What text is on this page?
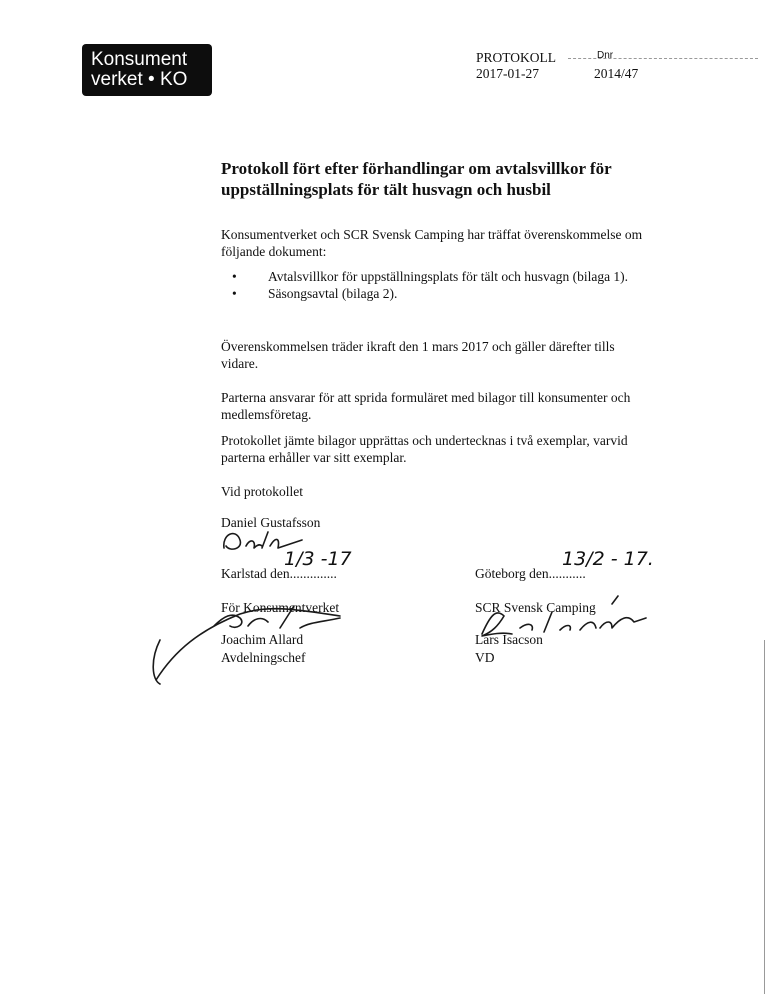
Konsument
verket • KO
PROTOKOLL
2017-01-27
Dnr
2014/47
Protokoll fört efter förhandlingar om avtalsvillkor för uppställningsplats för tält husvagn och husbil
Konsumentverket och SCR Svensk Camping har träffat överenskommelse om följande dokument:
• Avtalsvillkor för uppställningsplats för tält och husvagn (bilaga 1).
• Säsongsavtal (bilaga 2).
Överenskommelsen träder ikraft den 1 mars 2017 och gäller därefter tills vidare.
Parterna ansvarar för att sprida formuläret med bilagor till konsumenter och medlemsföretag.
Protokollet jämte bilagor upprättas och undertecknas i två exemplar, varvid parterna erhåller var sitt exemplar.
Vid protokollet
Daniel Gustafsson
Karlstad den..............
1/3 -17
För Konsumentverket
Joachim Allard
Avdelningschef
Göteborg den...........
13/2 - 17.
SCR Svensk Camping
Lars Isacson
VD
